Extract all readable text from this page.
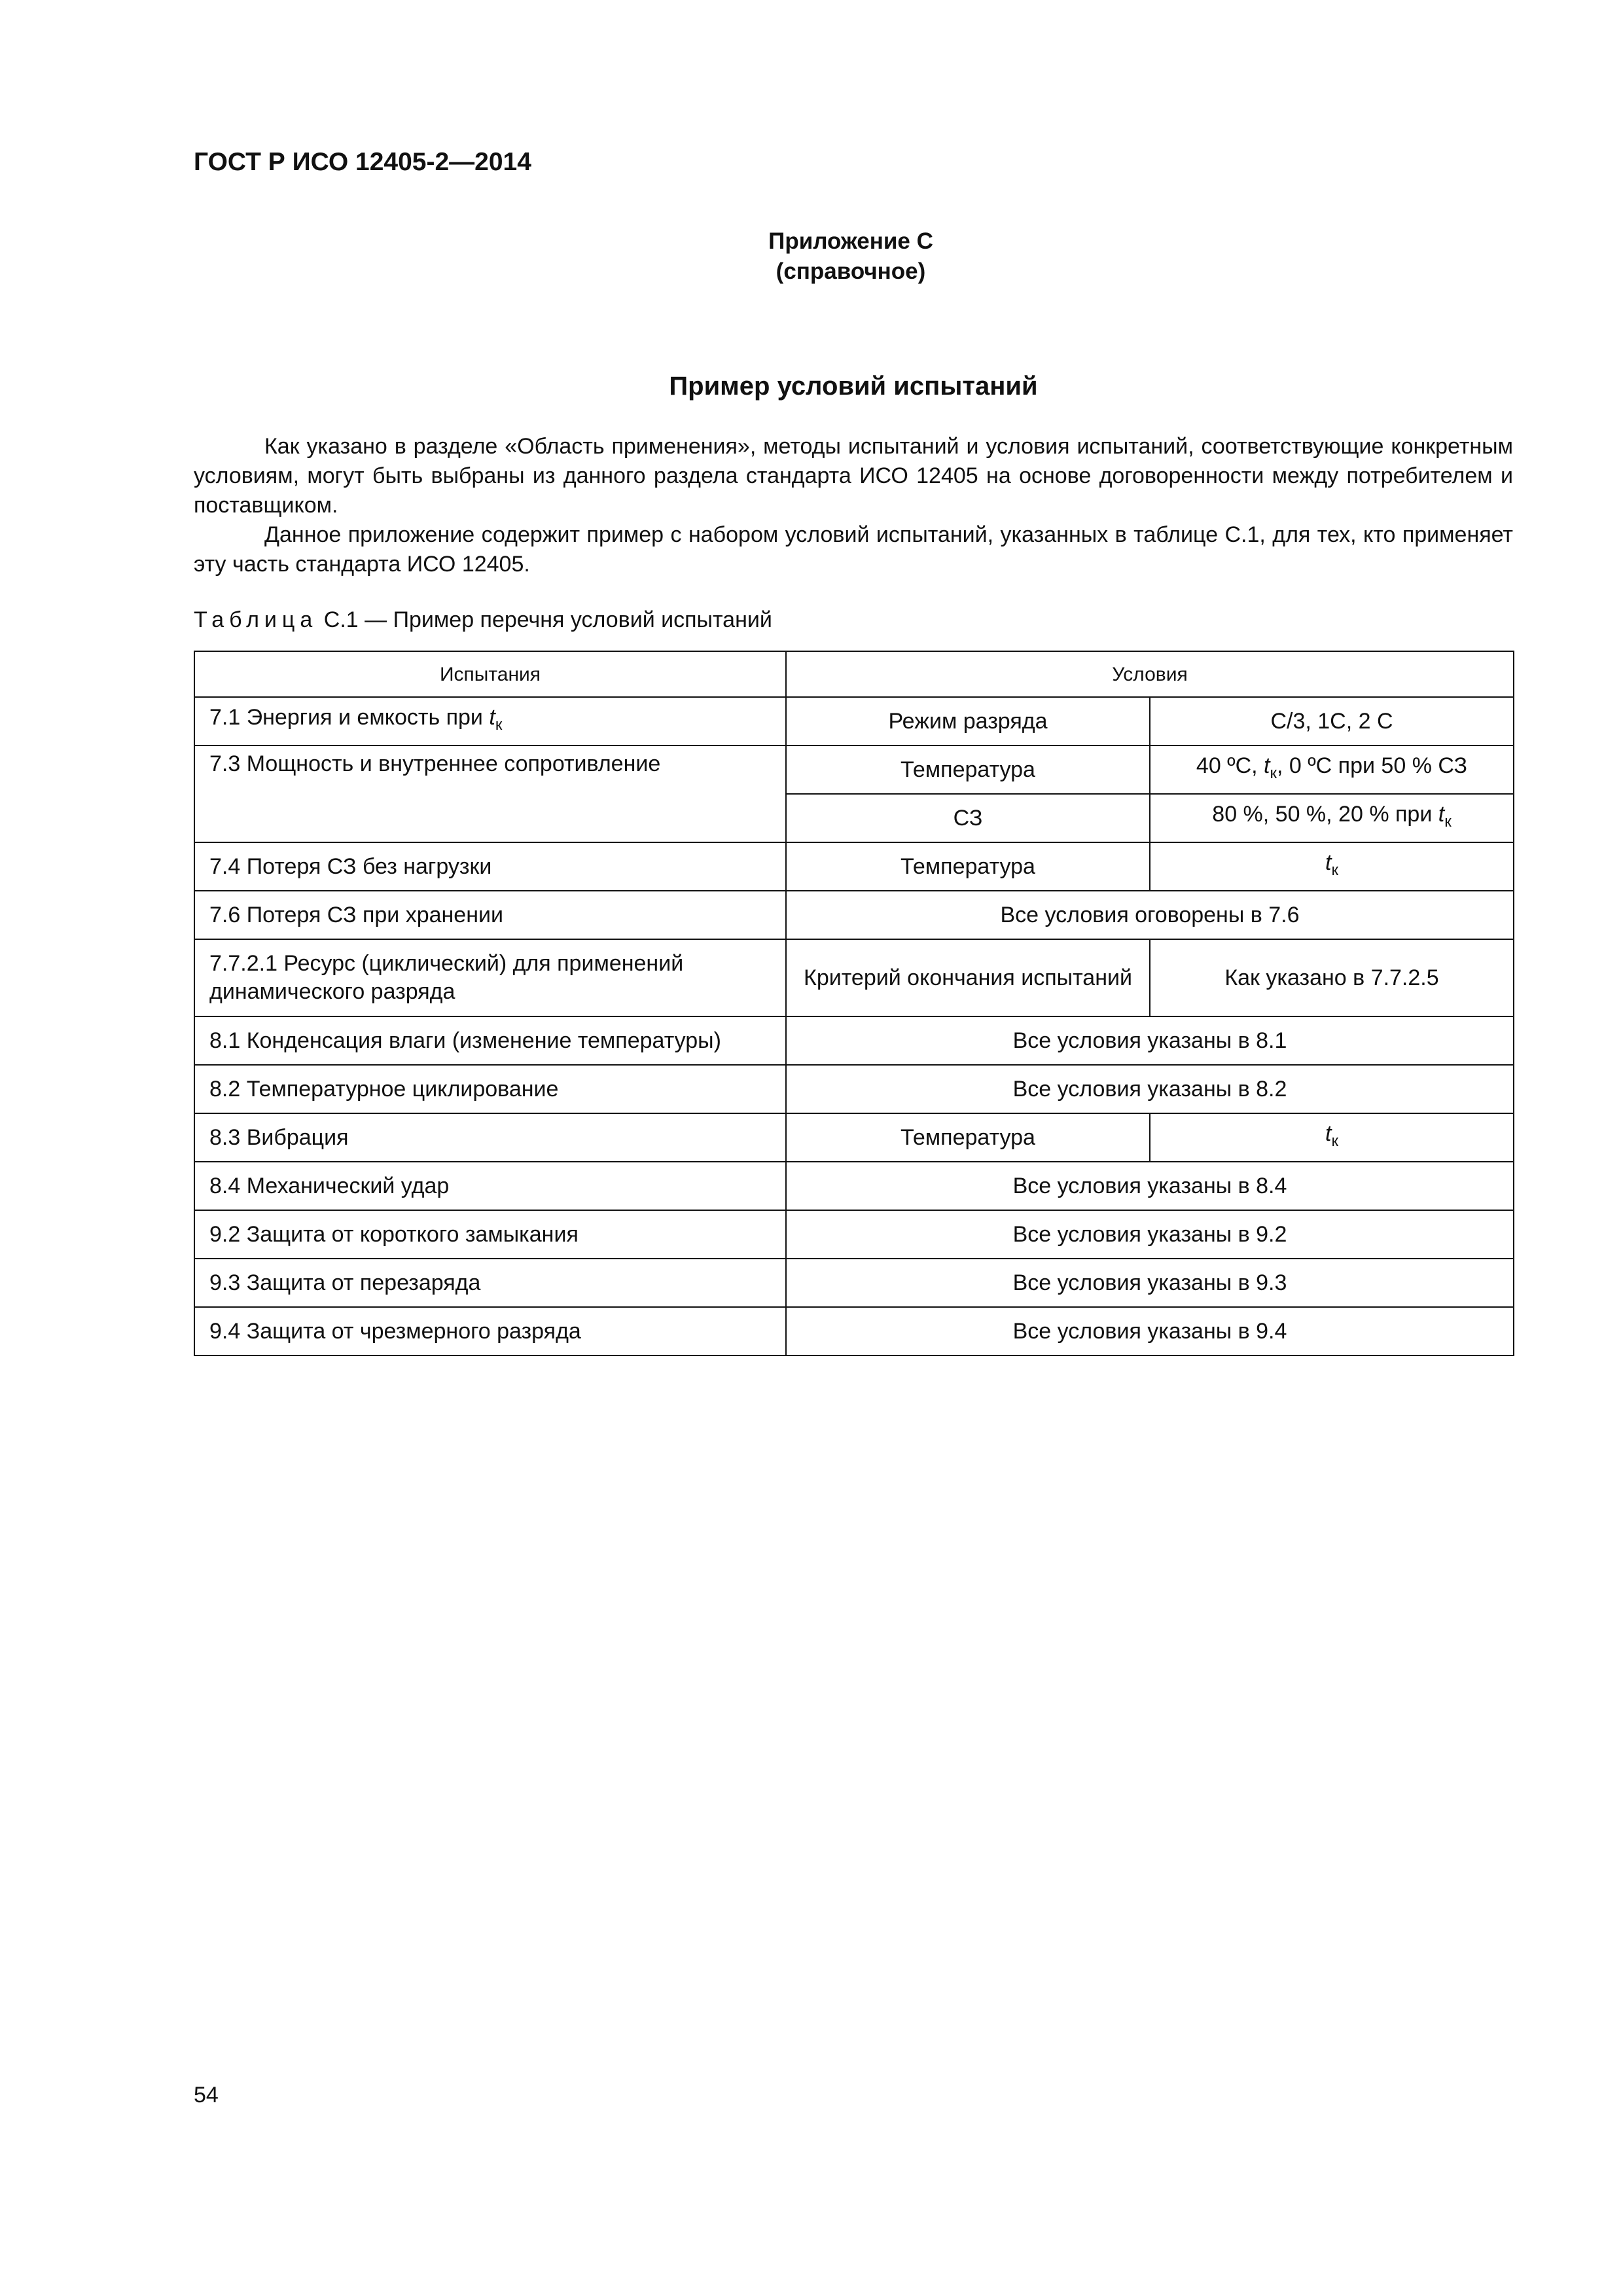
ГОСТ Р ИСО 12405-2—2014
Приложение С
(справочное)
Пример условий испытаний

Как указано в разделе «Область применения», методы испытаний и условия испытаний, соответствующие конкретным условиям, могут быть выбраны из данного раздела стандарта ИСО 12405 на основе договоренности между потребителем и поставщиком.

Данное приложение содержит пример с набором условий испытаний, указанных в таблице С.1, для тех, кто применяет эту часть стандарта ИСО 12405.

Таблица С.1 — Пример перечня условий испытаний
Испытания	Условия	
7.1 Энергия и емкость при $t_к$	Режим разряда	С/3, 1С, 2 С
7.3 Мощность и внутреннее сопротивление	Температура	40 ºС, $t_к$, 0 ºС при 50 % СЗ
	СЗ	80 %, 50 %, 20 % при $t_к$
7.4 Потеря СЗ без нагрузки	Температура	$t_к$
7.6 Потеря СЗ при хранении	Все условия оговорены в 7.6	
7.7.2.1 Ресурс (циклический) для применений динамического разряда	Критерий окончания испытаний	Как указано в 7.7.2.5
8.1 Конденсация влаги (изменение температуры)	Все условия указаны в 8.1	
8.2 Температурное циклирование	Все условия указаны в 8.2	
8.3 Вибрация	Температура	$t_к$
8.4 Механический удар	Все условия указаны в 8.4	
9.2 Защита от короткого замыкания	Все условия указаны в 9.2	
9.3 Защита от перезаряда	Все условия указаны в 9.3	
9.4 Защита от чрезмерного разряда	Все условия указаны в 9.4	
54
